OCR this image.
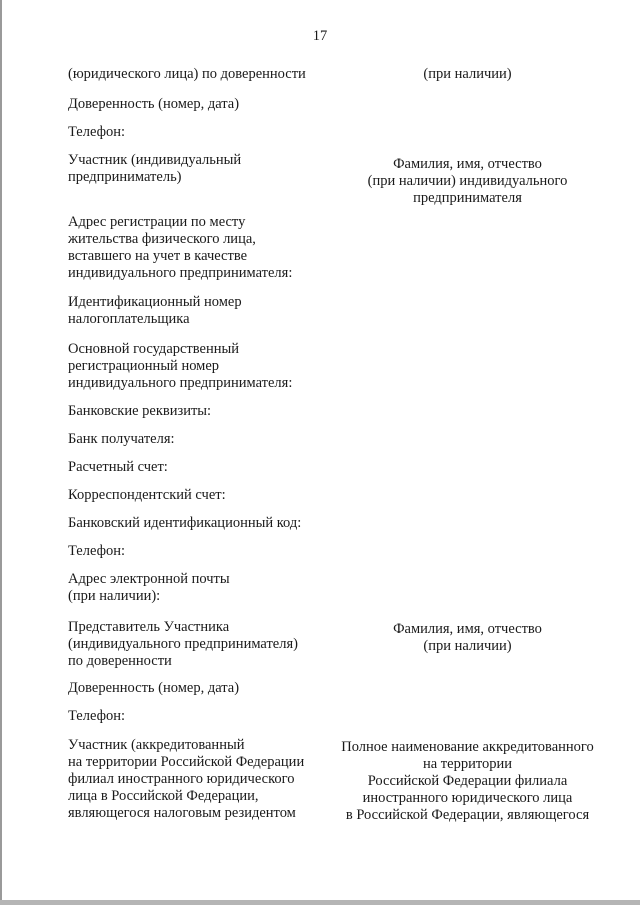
17
(юридического лица) по доверенности
Доверенность (номер, дата)
Телефон:
Участник (индивидуальный
предприниматель)
Адрес регистрации по месту
жительства физического лица,
вставшего на учет в качестве
индивидуального предпринимателя:
Идентификационный номер
налогоплательщика
Основной государственный
регистрационный номер
индивидуального предпринимателя:
Банковские реквизиты:
Банк получателя:
Расчетный счет:
Корреспондентский счет:
Банковский идентификационный код:
Телефон:
Адрес электронной почты
(при наличии):
Представитель Участника
(индивидуального предпринимателя)
по доверенности
Доверенность (номер, дата)
Телефон:
Участник (аккредитованный
на территории Российской Федерации
филиал иностранного юридического
лица в Российской Федерации,
являющегося налоговым резидентом
(при наличии)
Фамилия, имя, отчество
(при наличии) индивидуального
предпринимателя
Фамилия, имя, отчество
(при наличии)
Полное наименование аккредитованного
на территории
Российской Федерации филиала
иностранного юридического лица
в Российской Федерации, являющегося
